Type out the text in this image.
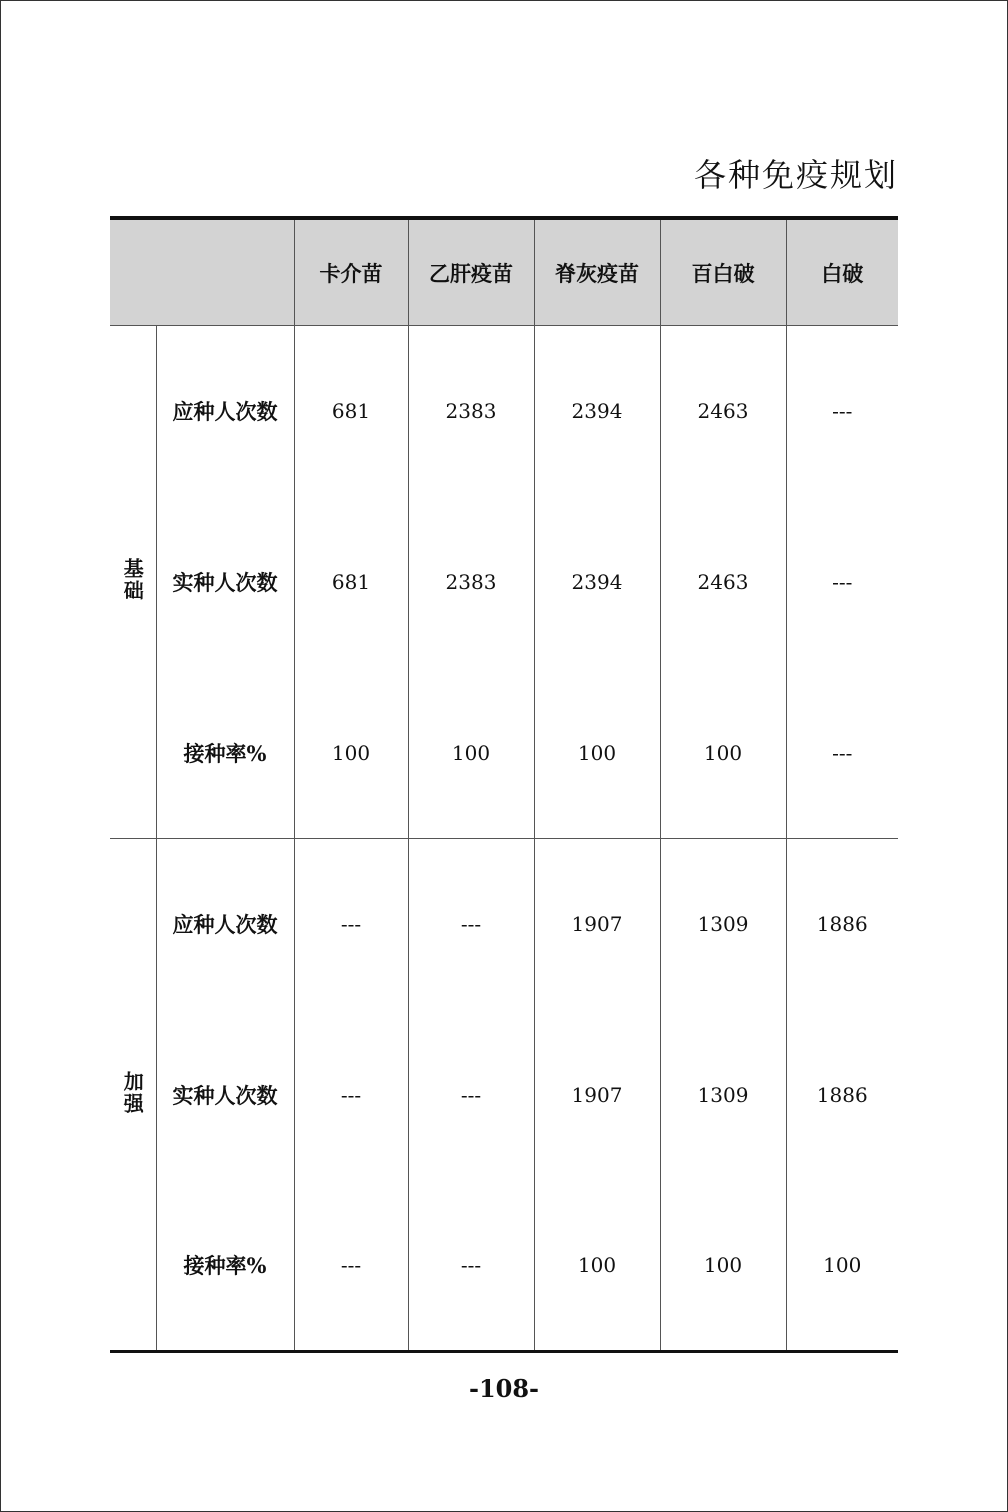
各种免疫规划
		卡介苗	乙肝疫苗	脊灰疫苗	百白破	白破
基础	应种人次数	681	2383	2394	2463	---
	实种人次数	681	2383	2394	2463	---
	接种率%	100	100	100	100	---
加强	应种人次数	---	---	1907	1309	1886
	实种人次数	---	---	1907	1309	1886
	接种率%	---	---	100	100	100
-108-
